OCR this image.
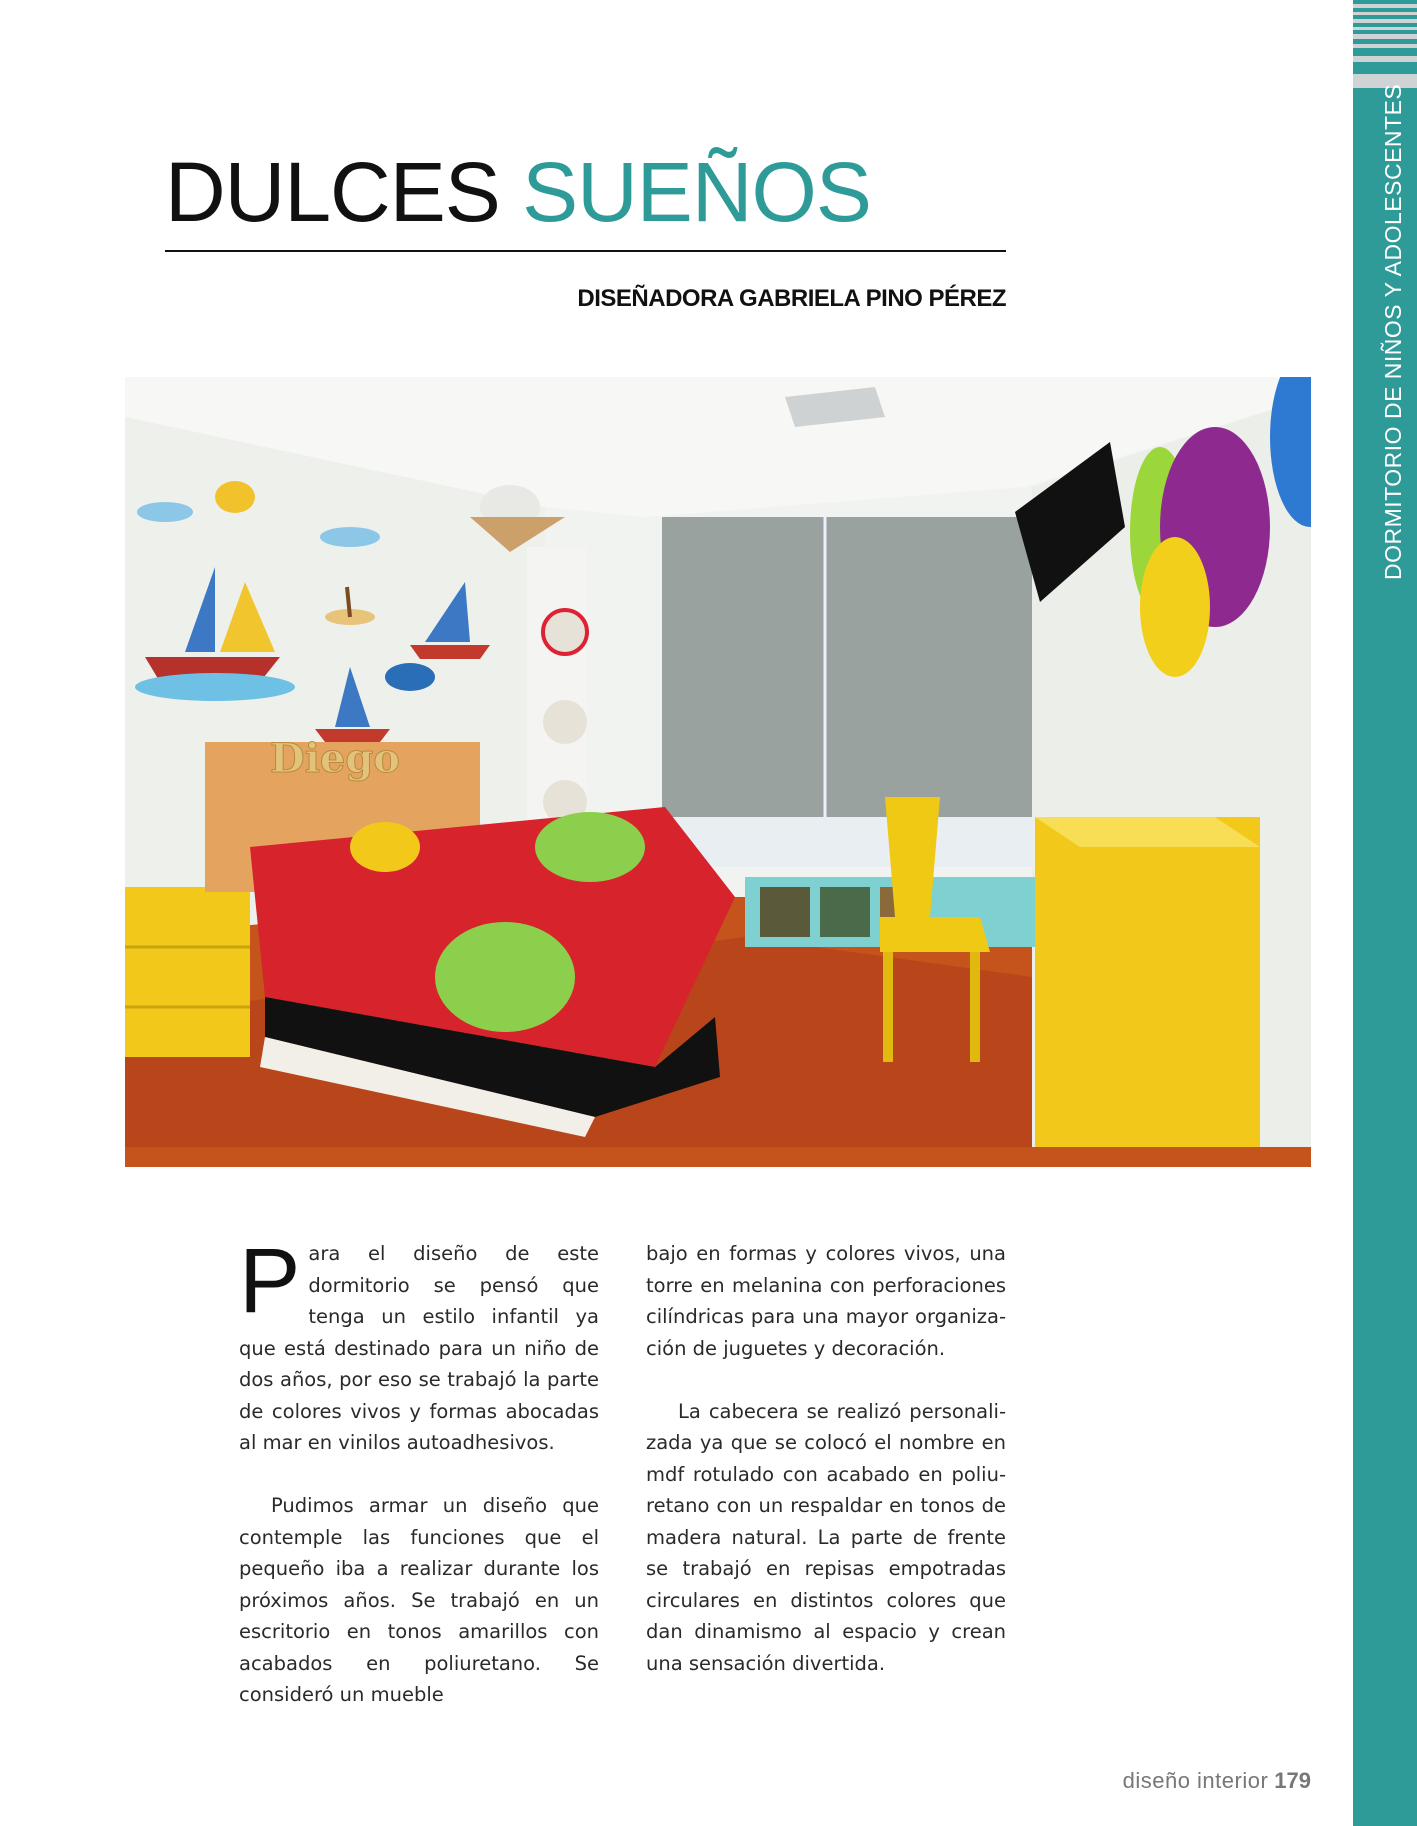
DORMITORIO DE NIÑOS Y ADOLESCENTES
DULCES SUEÑOS
DISEÑADORA GABRIELA PINO PÉREZ
Diego

Para el diseño de este dormitorio se pensó que tenga un estilo infantil ya que está destinado para un niño de dos años, por eso se trabajó la parte de colores vivos y formas abocadas al mar en vinilos autoadhesivos.

Pudimos armar un diseño que contemple las funciones que el pequeño iba a realizar durante los próximos años. Se trabajó en un escritorio en tonos amarillos con acabados en poliuretano. Se consideró un mueble

bajo en formas y colores vivos, una torre en melanina con perforaciones cilíndricas para una mayor organización de juguetes y decoración.

La cabecera se realizó personalizada ya que se colocó el nombre en mdf rotulado con acabado en poliuretano con un respaldar en tonos de madera natural. La parte de frente se trabajó en repisas empotradas circulares en distintos colores que dan dinamismo al espacio y crean una sensación divertida.

diseño interior 179
